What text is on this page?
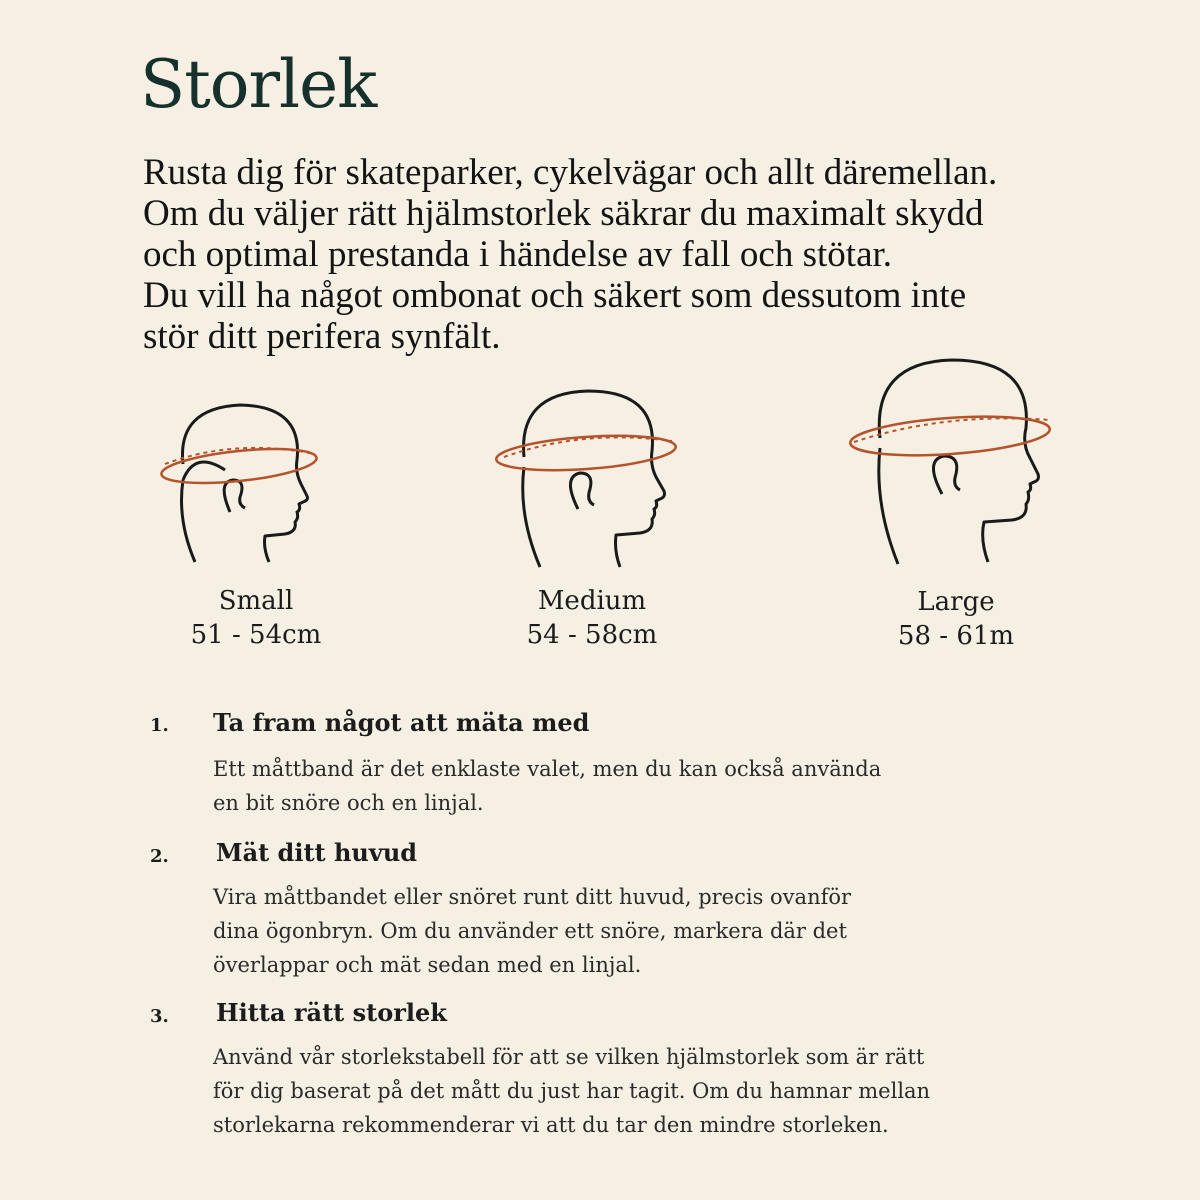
Storlek

Rusta dig för skateparker, cykelvägar och allt däremellan.
Om du väljer rätt hjälmstorlek säkrar du maximalt skydd
och optimal prestanda i händelse av fall och stötar.
Du vill ha något ombonat och säkert som dessutom inte
stör ditt perifera synfält.

Small
51 - 54cm
Medium
54 - 58cm
Large
58 - 61m
1. Ta fram något att mäta med
Ett måttband är det enklaste valet, men du kan också använda
en bit snöre och en linjal.
2. Mät ditt huvud
Vira måttbandet eller snöret runt ditt huvud, precis ovanför
dina ögonbryn. Om du använder ett snöre, markera där det
överlappar och mät sedan med en linjal.
3. Hitta rätt storlek
Använd vår storlekstabell för att se vilken hjälmstorlek som är rätt
för dig baserat på det mått du just har tagit. Om du hamnar mellan
storlekarna rekommenderar vi att du tar den mindre storleken.
